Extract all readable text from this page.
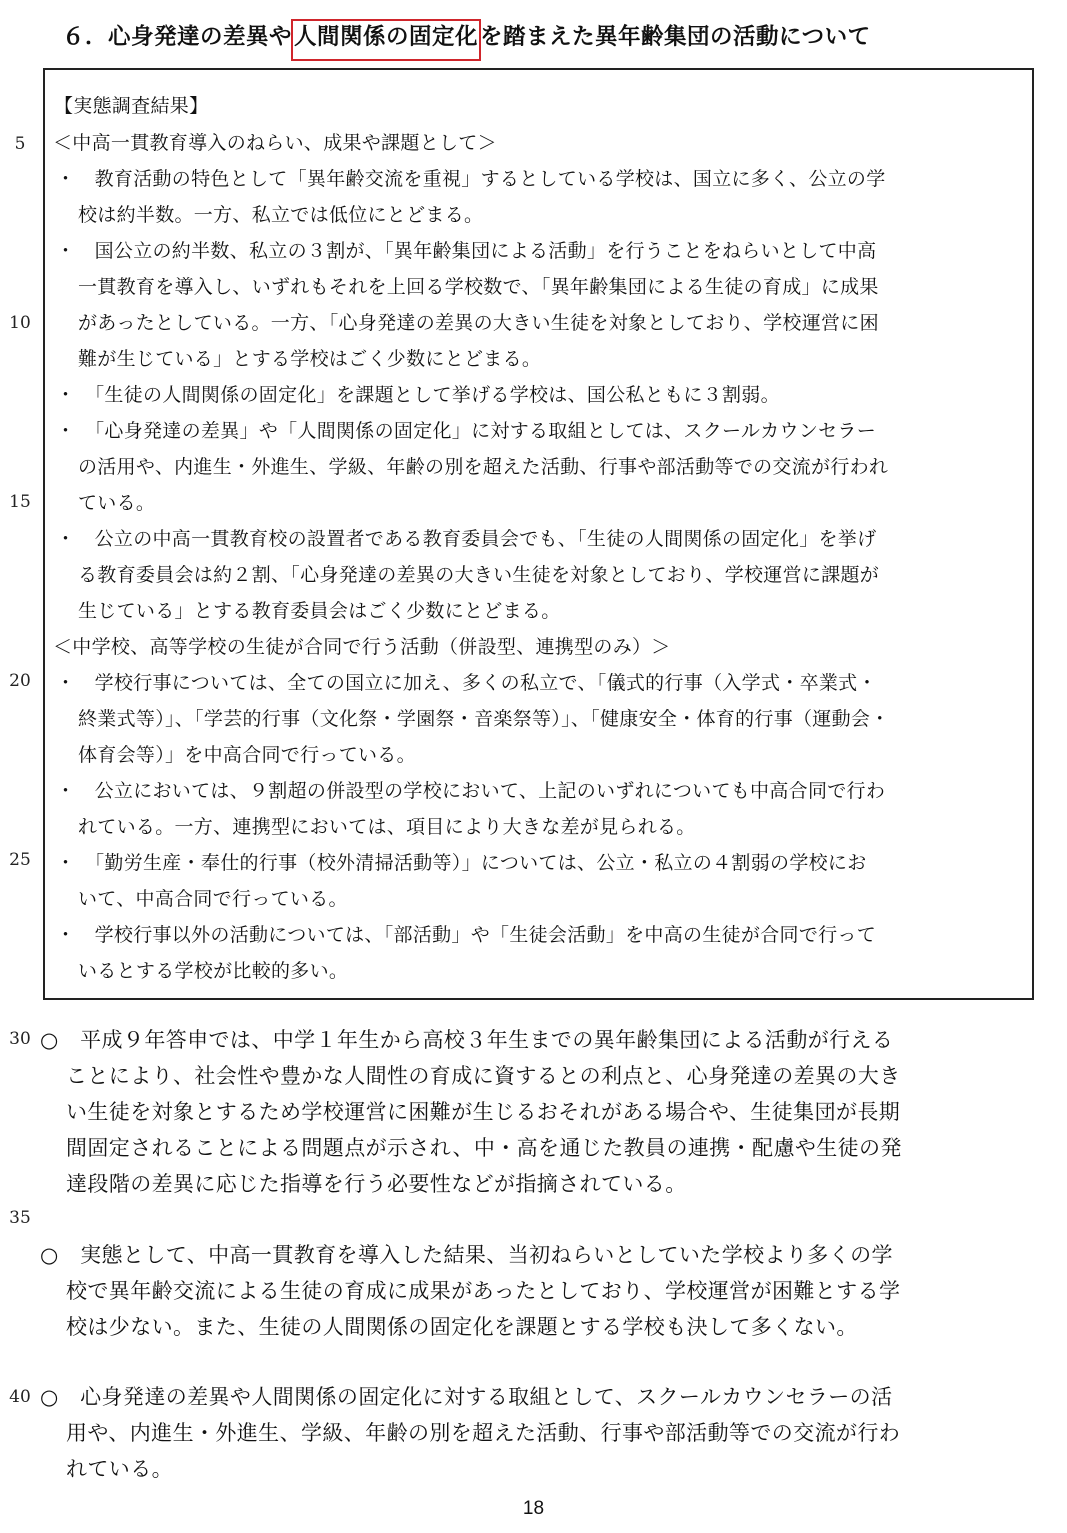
６．心身発達の差異や人間関係の固定化を踏まえた異年齢集団の活動について
5
10
15
20
25
30
35
40
【実態調査結果】
＜中高一貫教育導入のねらい、成果や課題として＞
・　教育活動の特色として「異年齢交流を重視」するとしている学校は、国立に多く、公立の学
校は約半数。一方、私立では低位にとどまる。
・　国公立の約半数、私立の３割が、「異年齢集団による活動」を行うことをねらいとして中高
一貫教育を導入し、いずれもそれを上回る学校数で、「異年齢集団による生徒の育成」に成果
があったとしている。一方、「心身発達の差異の大きい生徒を対象としており、学校運営に困
難が生じている」とする学校はごく少数にとどまる。
・　「生徒の人間関係の固定化」を課題として挙げる学校は、国公私ともに３割弱。
・　「心身発達の差異」や「人間関係の固定化」に対する取組としては、スクールカウンセラー
の活用や、内進生・外進生、学級、年齢の別を超えた活動、行事や部活動等での交流が行われ
ている。
・　公立の中高一貫教育校の設置者である教育委員会でも、「生徒の人間関係の固定化」を挙げ
る教育委員会は約２割、「心身発達の差異の大きい生徒を対象としており、学校運営に課題が
生じている」とする教育委員会はごく少数にとどまる。
＜中学校、高等学校の生徒が合同で行う活動（併設型、連携型のみ）＞
・　学校行事については、全ての国立に加え、多くの私立で、「儀式的行事（入学式・卒業式・
終業式等）」、「学芸的行事（文化祭・学園祭・音楽祭等）」、「健康安全・体育的行事（運動会・
体育会等）」を中高合同で行っている。
・　公立においては、９割超の併設型の学校において、上記のいずれについても中高合同で行わ
れている。一方、連携型においては、項目により大きな差が見られる。
・　「勤労生産・奉仕的行事（校外清掃活動等）」については、公立・私立の４割弱の学校にお
いて、中高合同で行っている。
・　学校行事以外の活動については、「部活動」や「生徒会活動」を中高の生徒が合同で行って
いるとする学校が比較的多い。
○　平成９年答申では、中学１年生から高校３年生までの異年齢集団による活動が行える
ことにより、社会性や豊かな人間性の育成に資するとの利点と、心身発達の差異の大き
い生徒を対象とするため学校運営に困難が生じるおそれがある場合や、生徒集団が長期
間固定されることによる問題点が示され、中・高を通じた教員の連携・配慮や生徒の発
達段階の差異に応じた指導を行う必要性などが指摘されている。
○　実態として、中高一貫教育を導入した結果、当初ねらいとしていた学校より多くの学
校で異年齢交流による生徒の育成に成果があったとしており、学校運営が困難とする学
校は少ない。また、生徒の人間関係の固定化を課題とする学校も決して多くない。
○　心身発達の差異や人間関係の固定化に対する取組として、スクールカウンセラーの活
用や、内進生・外進生、学級、年齢の別を超えた活動、行事や部活動等での交流が行わ
れている。
18
